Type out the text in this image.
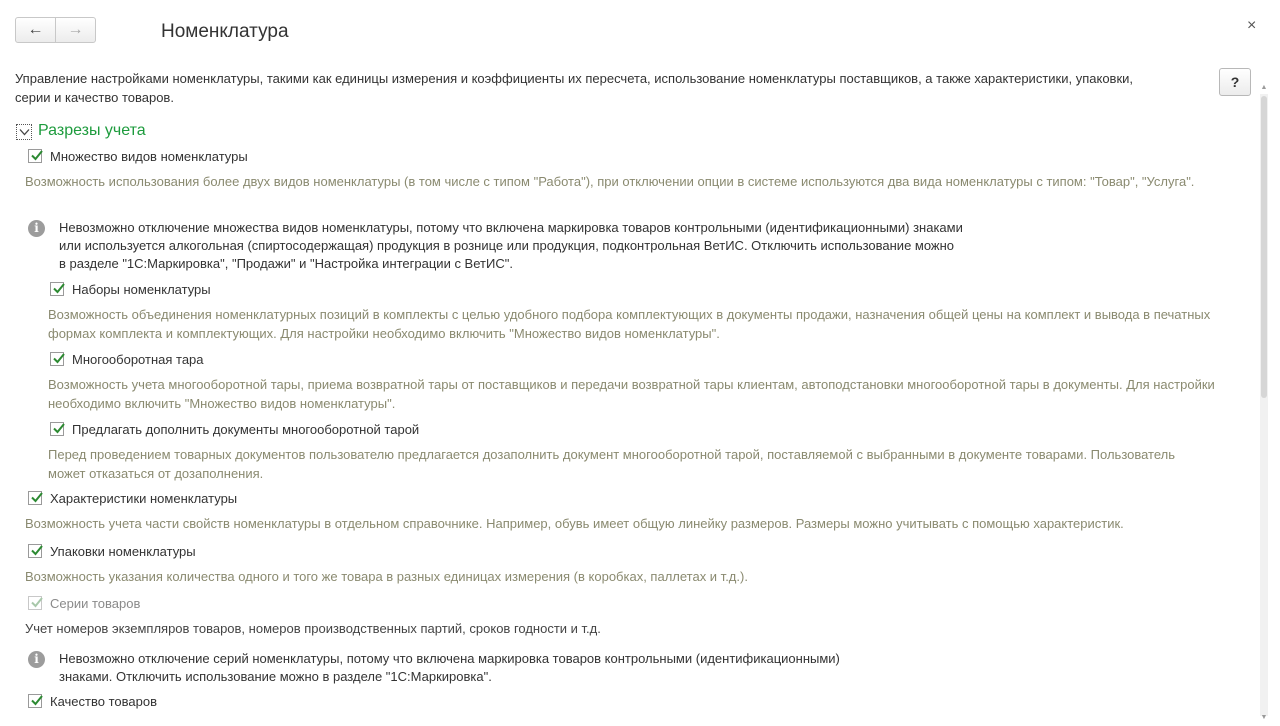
← →	Номенклатура	×
Управление настройками номенклатуры, такими как единицы измерения и коэффициенты их пересчета, использование номенклатуры поставщиков, а также характеристики, упаковки, серии и качество товаров.
?	▲
▼
Разрезы учета
Множество видов номенклатуры
Возможность использования более двух видов номенклатуры (в том числе с типом "Работа"), при отключении опции в системе используются два вида номенклатуры с типом: "Товар", "Услуга".
i	Невозможно отключение множества видов номенклатуры, потому что включена маркировка товаров контрольными (идентификационными) знаками
или используется алкогольная (спиртосодержащая) продукция в рознице или продукция, подконтрольная ВетИС. Отключить использование можно
в разделе "1С:Маркировка", "Продажи" и "Настройка интеграции с ВетИС".
Наборы номенклатуры
Возможность объединения номенклатурных позиций в комплекты с целью удобного подбора комплектующих в документы продажи, назначения общей цены на комплект и вывода в печатных формах комплекта и комплектующих. Для настройки необходимо включить "Множество видов номенклатуры".
Многооборотная тара
Возможность учета многооборотной тары, приема возвратной тары от поставщиков и передачи возвратной тары клиентам, автоподстановки многооборотной тары в документы. Для настройки необходимо включить "Множество видов номенклатуры".
Предлагать дополнить документы многооборотной тарой
Перед проведением товарных документов пользователю предлагается дозаполнить документ многооборотной тарой, поставляемой с выбранными в документе товарами. Пользователь может отказаться от дозаполнения.
Характеристики номенклатуры
Возможность учета части свойств номенклатуры в отдельном справочнике. Например, обувь имеет общую линейку размеров. Размеры можно учитывать с помощью характеристик.
Упаковки номенклатуры
Возможность указания количества одного и того же товара в разных единицах измерения (в коробках, паллетах и т.д.).
Серии товаров
Учет номеров экземпляров товаров, номеров производственных партий, сроков годности и т.д.
i	Невозможно отключение серий номенклатуры, потому что включена маркировка товаров контрольными (идентификационными)
знаками. Отключить использование можно в разделе "1С:Маркировка".
Качество товаров
